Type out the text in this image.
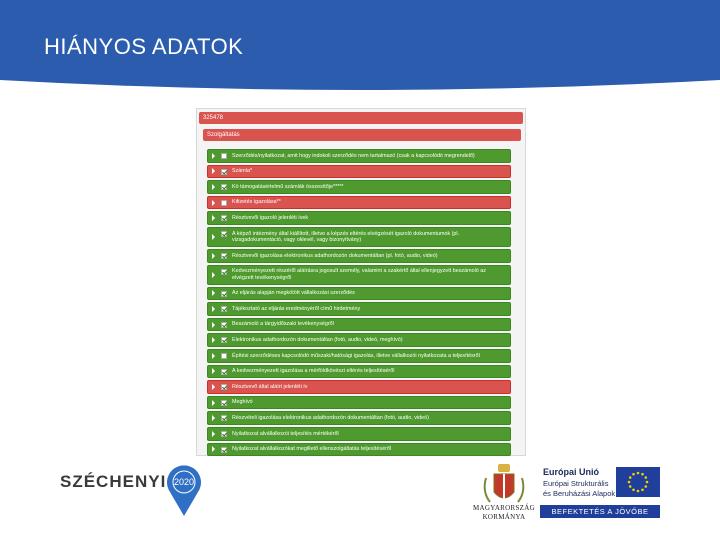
HIÁNYOS ADATOK
325478
Szolgáltatás
Szerződés/nyilatkozat, amit hogy indokoli szerződés nem tartalmazó (csak a kapcsolódó megrendelő)
Számla*
Kö támogatásértelmű számlák összesítője*****
Kifizetés igazolása**
Résztvevői igazoló jelenléti ívek
A képző intézmény által kiállított, illetve a képzés eltérés elvégzését igazoló dokumentumok (pl. vizsgadokumentáció, vagy oklevél, vagy bizonyítvány)
Résztvevői igazolása elektronikus adathordozón dokumentáltan (pl. fotó, audio, videó)
Kedvezményezett részéről aláírásra jogosult személy, valamint a szakértő által ellenjegyzett beszámoló az elvégzett tevékenységről
Az eljárás alapján megkötött vállalkozási szerződés
Tájékoztató az eljárás eredményéről című hirdetmény
Beszámoló a tárgyidőszaki tevékenységről
Elektronikus adathordozón dokumentáltan (fotó, audio, videó, meghívó)
Építési szerződéses kapcsolódó műszaki/hatósági igazolás, illetve vállalkozói nyilatkozata a teljesítésről
A kedvezményezett igazolása a mérföldkövészi eltérés teljesítéséről
Résztvevő által aláírt jelenléti ív
Meghívó
Részvételi igazolása elektronikus adathordozón dokumentáltan (fotó, audio, videó)
Nyilatkozat alvállalkozói teljesítés mértékéről
Nyilatkozat alvállalkozókat megillető ellenszolgáltatás teljesítéséről
SZÉCHENYI 2020
MAGYARORSZÁG
KORMÁNYA
Európai Unió
Európai Strukturális
és Beruházási Alapok
BEFEKTETÉS A JÖVŐBE
